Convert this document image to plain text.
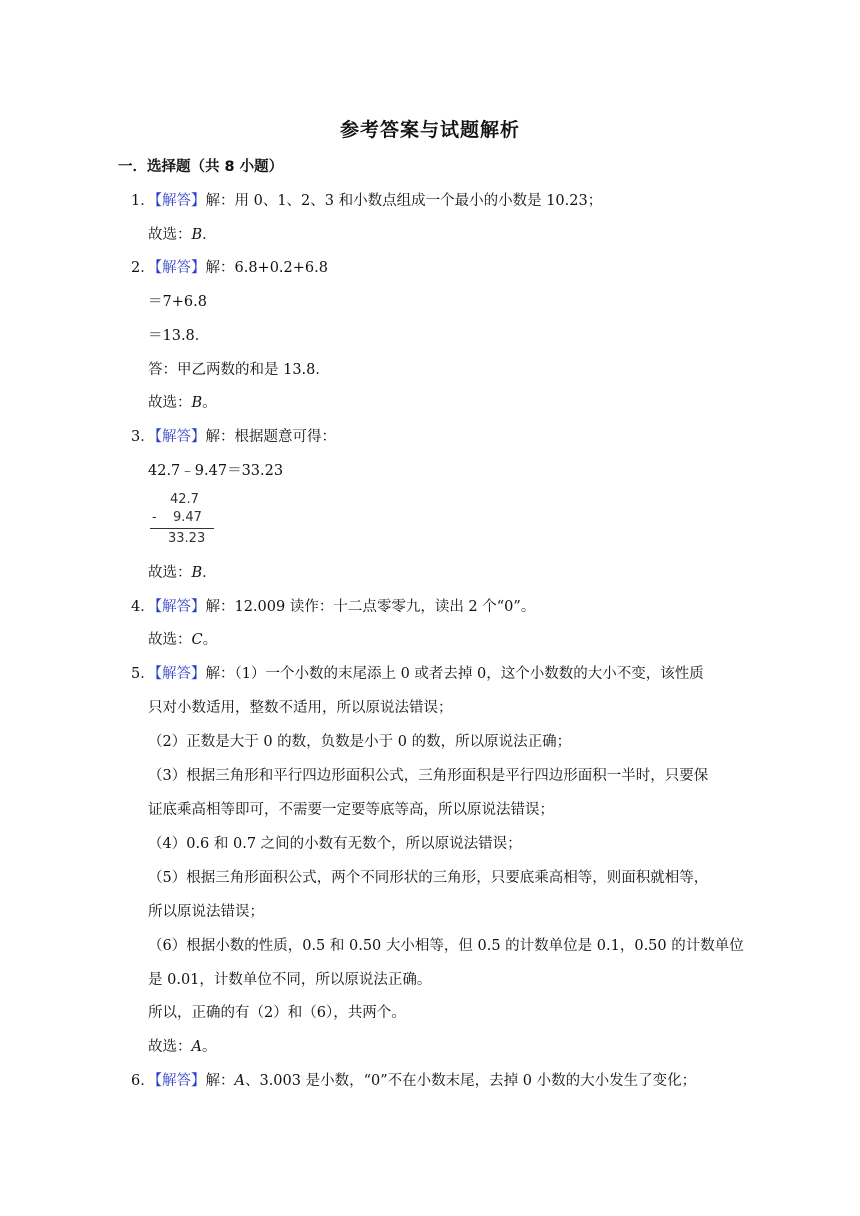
参考答案与试题解析
一．选择题（共 8 小题）
1．【解答】解：用 0、1、2、3 和小数点组成一个最小的小数是 10.23；
故选：B．
2．【解答】解：6.8+0.2+6.8
＝7+6.8
＝13.8．
答：甲乙两数的和是 13.8．
故选：B。
3．【解答】解：根据题意可得：
42.7﹣9.47＝33.23
42.7
- 9.47
33.23
故选：B．
4．【解答】解：12.009 读作：十二点零零九，读出 2 个“0”。
故选：C。
5．【解答】解：（1）一个小数的末尾添上 0 或者去掉 0，这个小数数的大小不变，该性质
只对小数适用，整数不适用，所以原说法错误；
（2）正数是大于 0 的数，负数是小于 0 的数，所以原说法正确；
（3）根据三角形和平行四边形面积公式，三角形面积是平行四边形面积一半时，只要保
证底乘高相等即可，不需要一定要等底等高，所以原说法错误；
（4）0.6 和 0.7 之间的小数有无数个，所以原说法错误；
（5）根据三角形面积公式，两个不同形状的三角形，只要底乘高相等，则面积就相等，
所以原说法错误；
（6）根据小数的性质，0.5 和 0.50 大小相等，但 0.5 的计数单位是 0.1，0.50 的计数单位
是 0.01，计数单位不同，所以原说法正确。
所以，正确的有（2）和（6），共两个。
故选：A。
6．【解答】解：A、3.003 是小数，“0”不在小数末尾，去掉 0 小数的大小发生了变化；
